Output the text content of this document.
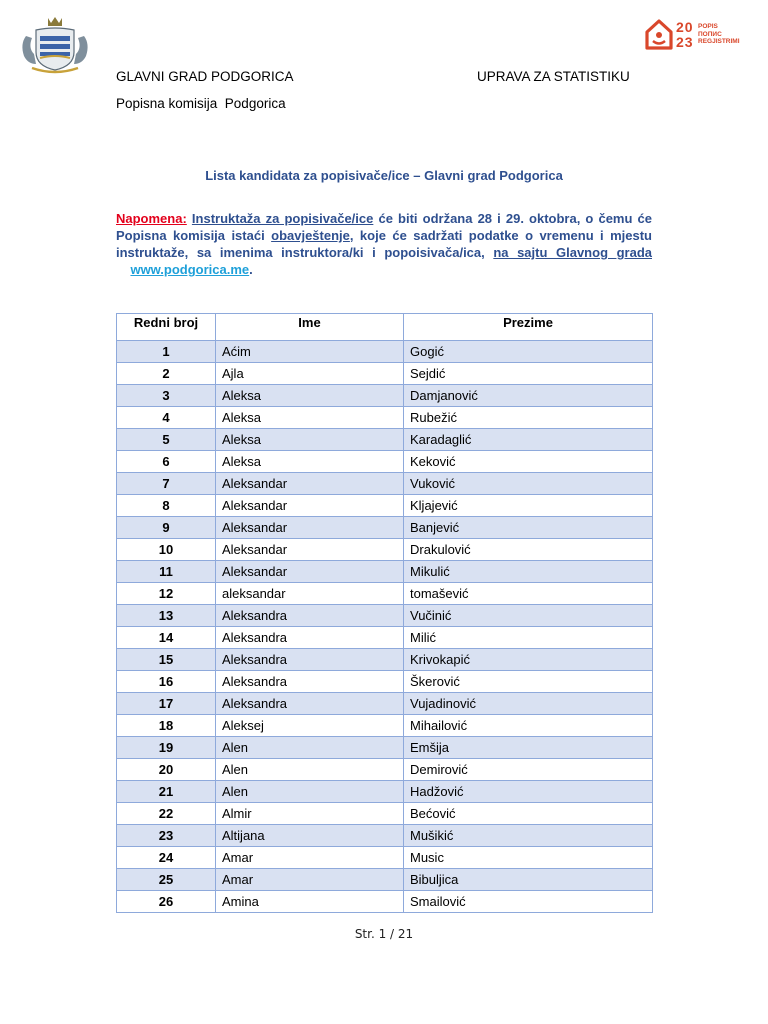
20
23
POPIS
ПОПИС
REGJISTRIMI
GLAVNI GRAD PODGORICA	UPRAVA ZA STATISTIKU
Popisna komisija  Podgorica
Lista kandidata za popisivače/ice – Glavni grad Podgorica
Napomena: Instruktaža za popisivače/ice će biti održana 28 i 29. oktobra, o čemu će Popisna komisija istaći obavještenje, koje će sadržati podatke o vremenu i mjestu instruktaže, sa imenima instruktora/ki i popoisivača/ica, na sajtu Glavnog grada    www.podgorica.me.
Redni broj	Ime	Prezime
1	Aćim	Gogić
2	Ajla	Sejdić
3	Aleksa	Damjanović
4	Aleksa	Rubežić
5	Aleksa	Karadaglić
6	Aleksa	Keković
7	Aleksandar	Vuković
8	Aleksandar	Kljajević
9	Aleksandar	Banjević
10	Aleksandar	Drakulović
11	Aleksandar	Mikulić
12	aleksandar	tomašević
13	Aleksandra	Vučinić
14	Aleksandra	Milić
15	Aleksandra	Krivokapić
16	Aleksandra	Škerović
17	Aleksandra	Vujadinović
18	Aleksej	Mihailović
19	Alen	Emšija
20	Alen	Demirović
21	Alen	Hadžović
22	Almir	Bećović
23	Altijana	Mušikić
24	Amar	Music
25	Amar	Bibuljica
26	Amina	Smailović
Str. 1 / 21
